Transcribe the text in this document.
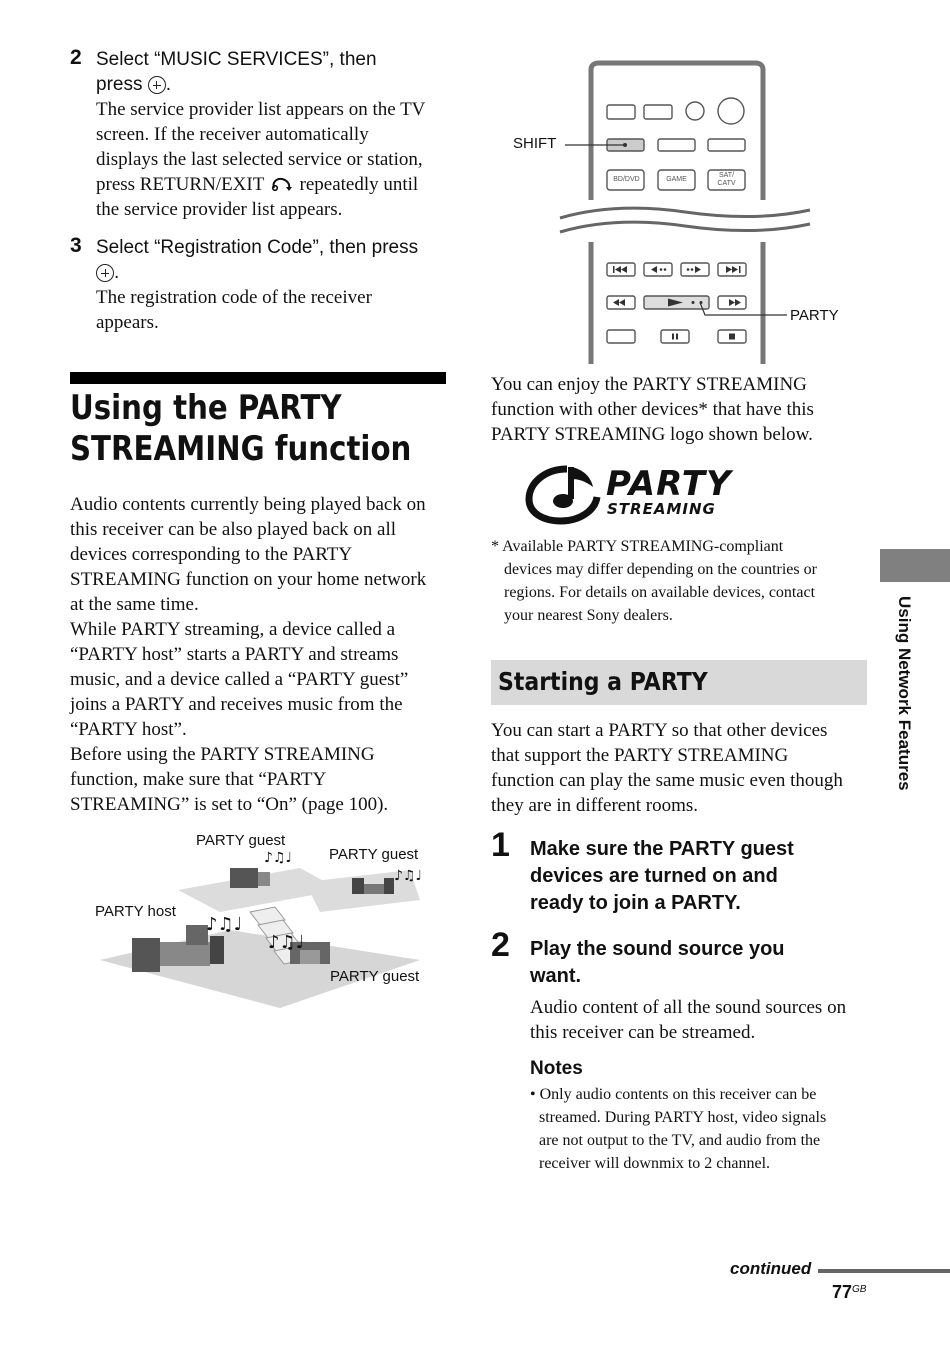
2 Select “MUSIC SERVICES”, then
press .
The service provider list appears on the TV
screen. If the receiver automatically
displays the last selected service or station,
press RETURN/EXIT repeatedly until
the service provider list appears.
3 Select “Registration Code”, then press
.
The registration code of the receiver
appears.
Using the PARTY
STREAMING function
Audio contents currently being played back on
this receiver can be also played back on all
devices corresponding to the PARTY
STREAMING function on your home network
at the same time.
While PARTY streaming, a device called a
“PARTY host” starts a PARTY and streams
music, and a device called a “PARTY guest”
joins a PARTY and receives music from the
“PARTY host”.
Before using the PARTY STREAMING
function, make sure that “PARTY
STREAMING” is set to “On” (page 100).
PARTY guest
PARTY guest
PARTY host
PARTY guest
♪♫♩
♪♫♩
♪♫♩
♪♫♩
BD/DVD	GAME
SAT/
CATV
SHIFT
PARTY
You can enjoy the PARTY STREAMING
function with other devices* that have this
PARTY STREAMING logo shown below.
PARTY
STREAMING
* Available PARTY STREAMING-compliant
devices may differ depending on the countries or
regions. For details on available devices, contact
your nearest Sony dealers.
Starting a PARTY
You can start a PARTY so that other devices
that support the PARTY STREAMING
function can play the same music even though
they are in different rooms.
1 Make sure the PARTY guest
devices are turned on and
ready to join a PARTY.
2 Play the sound source you
want.
Audio content of all the sound sources on
this receiver can be streamed.
Notes
• Only audio contents on this receiver can be
streamed. During PARTY host, video signals
are not output to the TV, and audio from the
receiver will downmix to 2 channel.
Using Network Features
continued
$77^{GB}$
